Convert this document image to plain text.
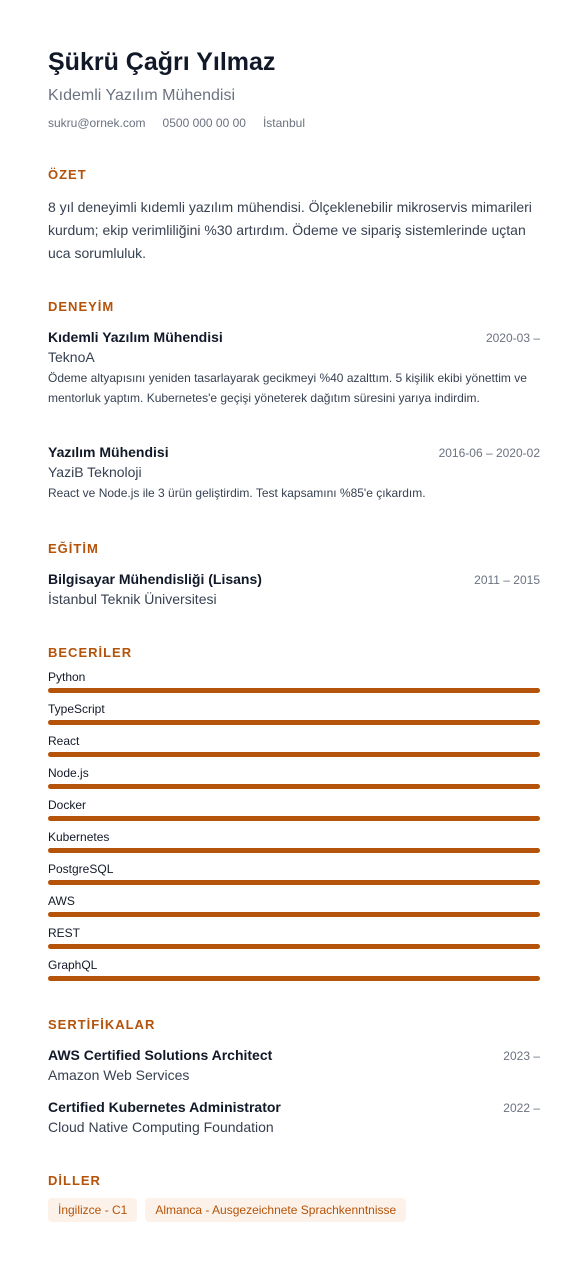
Şükrü Çağrı Yılmaz
Kıdemli Yazılım Mühendisi
sukru@ornek.com 0500 000 00 00 İstanbul
ÖZET
8 yıl deneyimli kıdemli yazılım mühendisi. Ölçeklenebilir mikroservis mimarileri kurdum; ekip verimliliğini %30 artırdım. Ödeme ve sipariş sistemlerinde uçtan uca sorumluluk.
DENEYİM
Kıdemli Yazılım Mühendisi	2020-03 –
TeknoA
Ödeme altyapısını yeniden tasarlayarak gecikmeyi %40 azalttım. 5 kişilik ekibi yönettim ve mentorluk yaptım. Kubernetes'e geçişi yöneterek dağıtım süresini yarıya indirdim.
Yazılım Mühendisi	2016-06 – 2020-02
YaziB Teknoloji
React ve Node.js ile 3 ürün geliştirdim. Test kapsamını %85'e çıkardım.
EĞİTİM
Bilgisayar Mühendisliği (Lisans)	2011 – 2015
İstanbul Teknik Üniversitesi
BECERİLER
Python
TypeScript
React
Node.js
Docker
Kubernetes
PostgreSQL
AWS
REST
GraphQL
SERTİFİKALAR
AWS Certified Solutions Architect	2023 –
Amazon Web Services
Certified Kubernetes Administrator	2022 –
Cloud Native Computing Foundation
DİLLER
İngilizce - C1	Almanca - Ausgezeichnete Sprachkenntnisse
